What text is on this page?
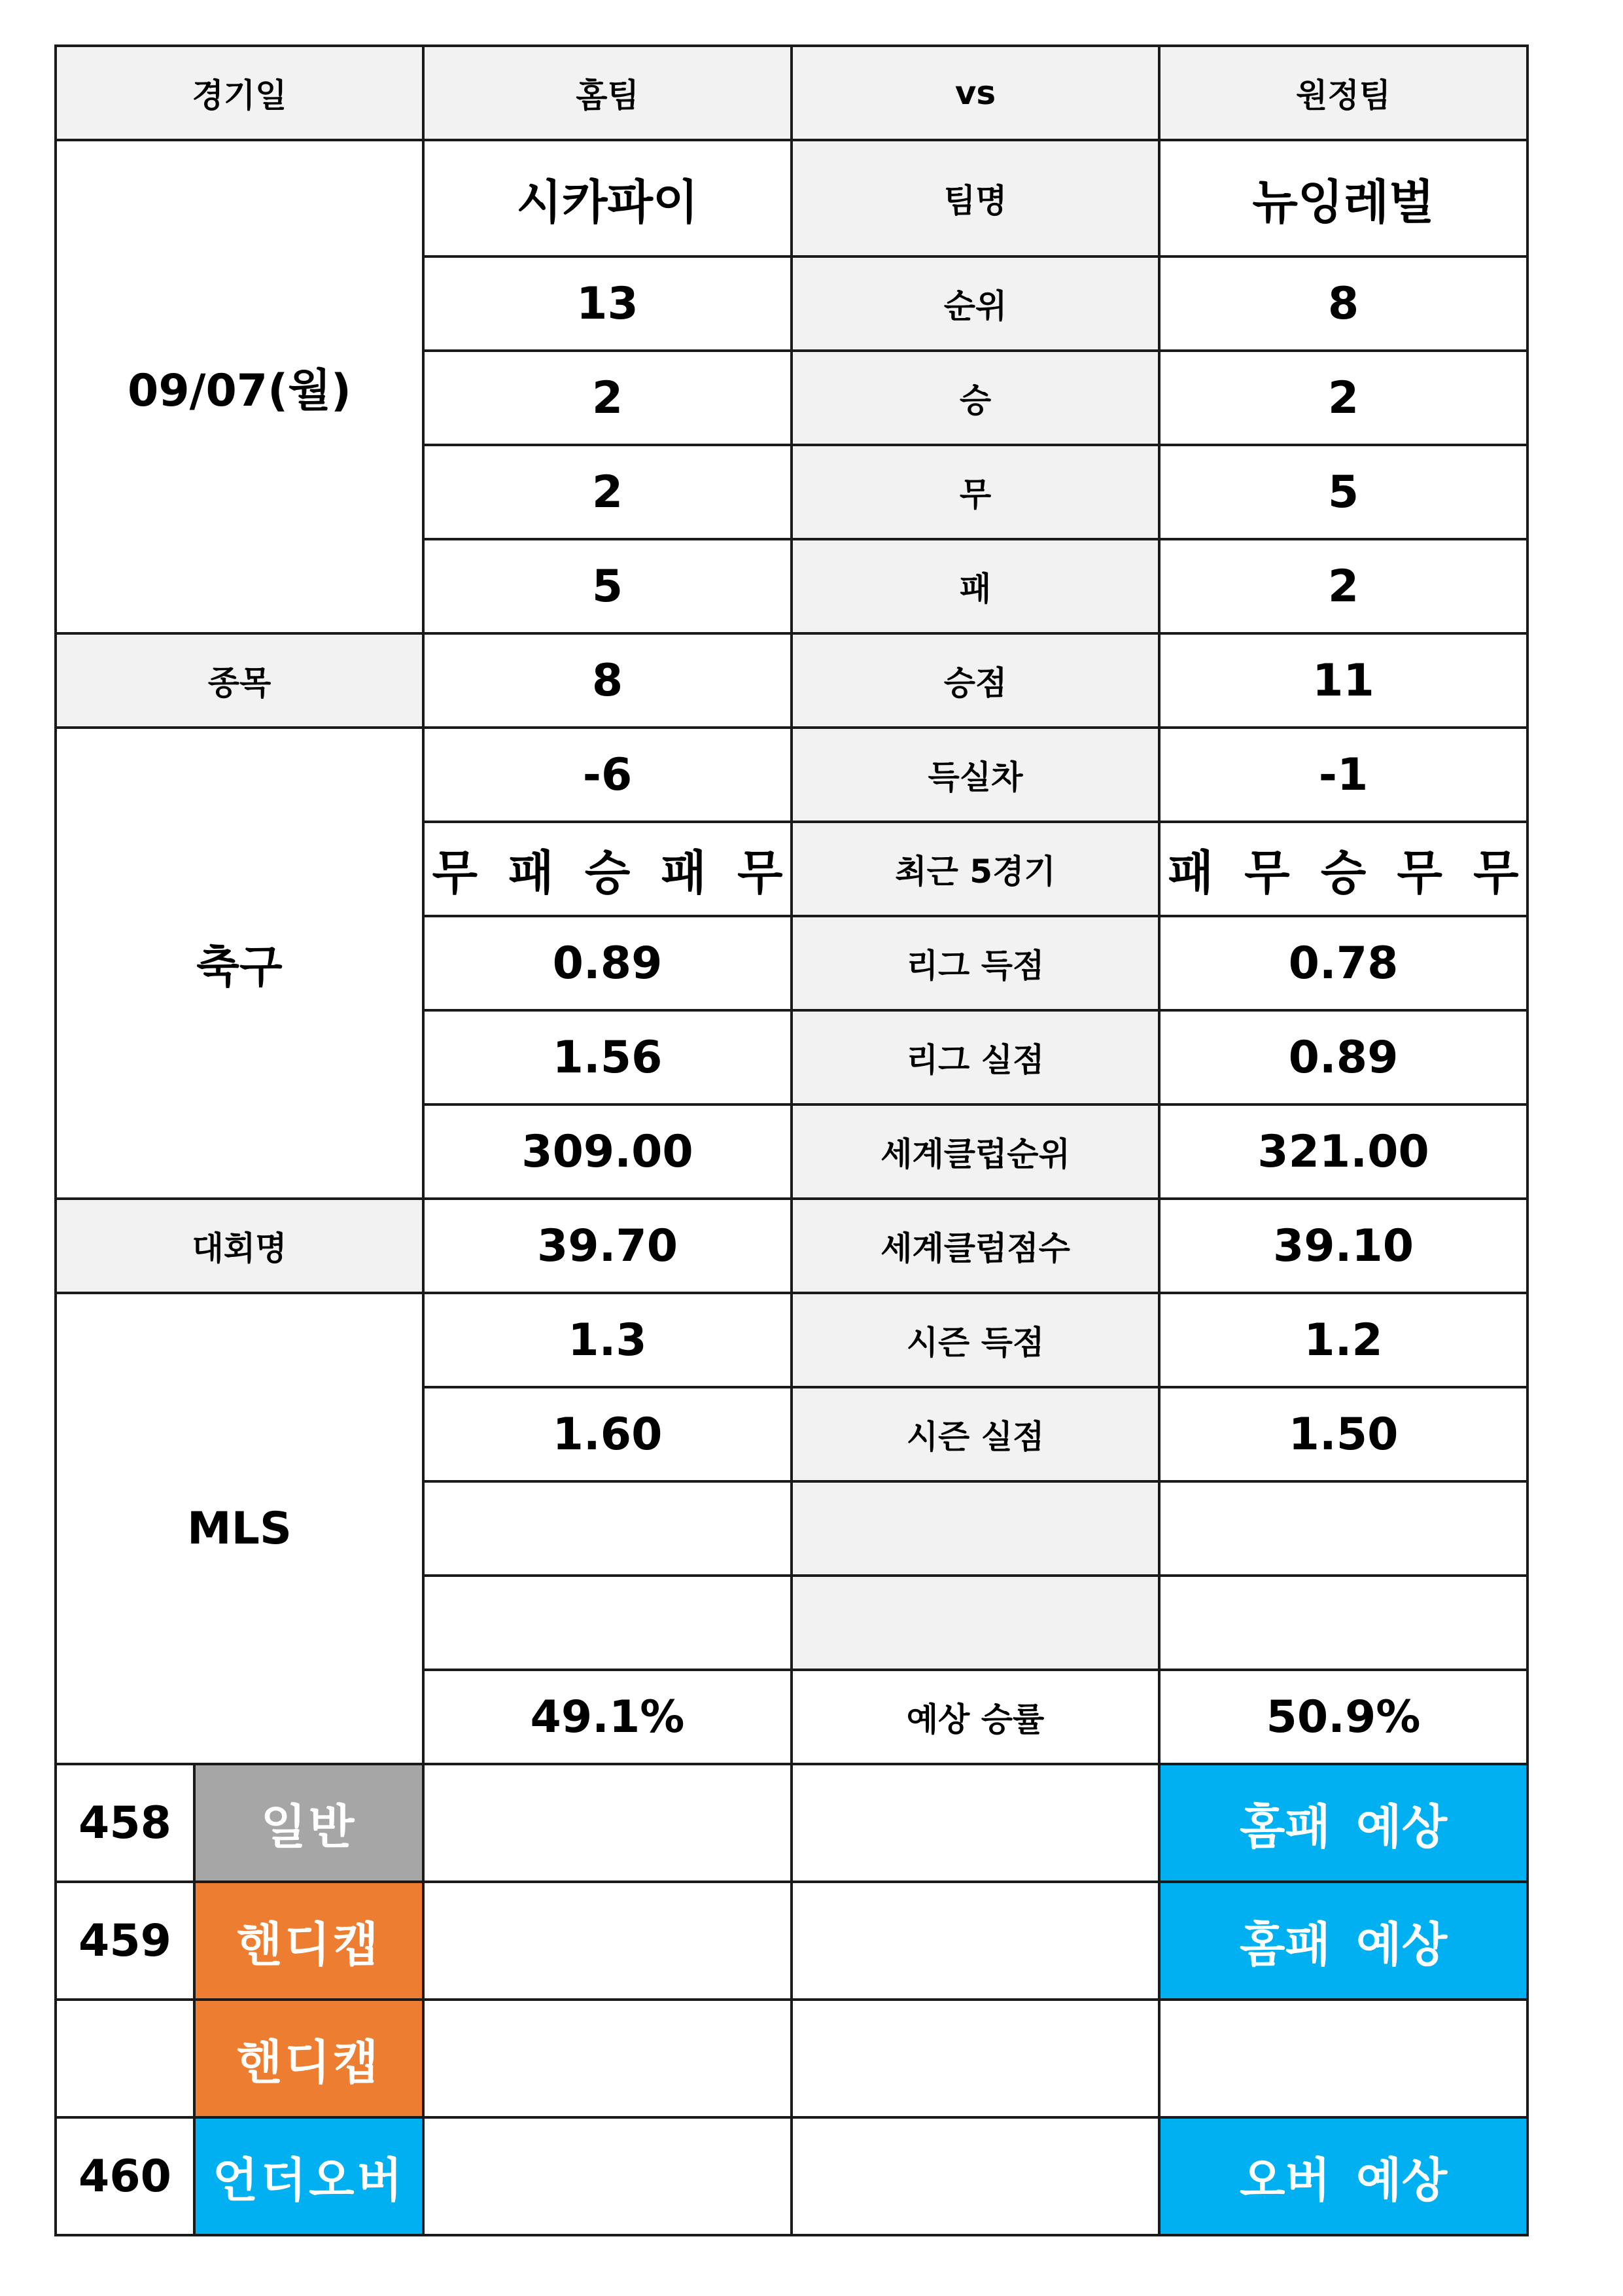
경기일		홈팀	vs	원정팀
09/07(월)		시카파이	팀명	뉴잉레벌
		13	순위	8
		2	승	2
		2	무	5
		5	패	2
종목		8	승점	11
축구		-6	득실차	-1
		무 패 승 패 무	최근 5경기	패 무 승 무 무
		0.89	리그 득점	0.78
		1.56	리그 실점	0.89
		309.00	세계클럽순위	321.00
대회명		39.70	세계클럼점수	39.10
MLS		1.3	시즌 득점	1.2
		1.60	시즌 실점	1.50

		49.1%	예상 승률	50.9%
458	일반			홈패 예상
459	핸디캡			홈패 예상
	핸디캡			
460	언더오버			오버 예상
